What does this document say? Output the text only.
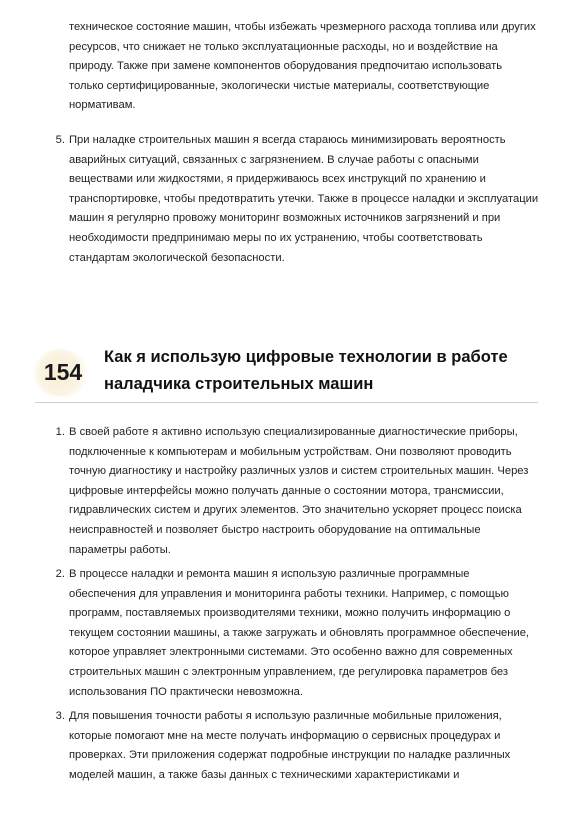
техническое состояние машин, чтобы избежать чрезмерного расхода топлива или других ресурсов, что снижает не только эксплуатационные расходы, но и воздействие на природу. Также при замене компонентов оборудования предпочитаю использовать только сертифицированные, экологически чистые материалы, соответствующие нормативам.

5. При наладке строительных машин я всегда стараюсь минимизировать вероятность аварийных ситуаций, связанных с загрязнением. В случае работы с опасными веществами или жидкостями, я придерживаюсь всех инструкций по хранению и транспортировке, чтобы предотвратить утечки. Также в процессе наладки и эксплуатации машин я регулярно провожу мониторинг возможных источников загрязнений и при необходимости предпринимаю меры по их устранению, чтобы соответствовать стандартам экологической безопасности.

154
Как я использую цифровые технологии в работе наладчика строительных машин
1. В своей работе я активно использую специализированные диагностические приборы, подключенные к компьютерам и мобильным устройствам. Они позволяют проводить точную диагностику и настройку различных узлов и систем строительных машин. Через цифровые интерфейсы можно получать данные о состоянии мотора, трансмиссии, гидравлических систем и других элементов. Это значительно ускоряет процесс поиска неисправностей и позволяет быстро настроить оборудование на оптимальные параметры работы.

2. В процессе наладки и ремонта машин я использую различные программные обеспечения для управления и мониторинга работы техники. Например, с помощью программ, поставляемых производителями техники, можно получить информацию о текущем состоянии машины, а также загружать и обновлять программное обеспечение, которое управляет электронными системами. Это особенно важно для современных строительных машин с электронным управлением, где регулировка параметров без использования ПО практически невозможна.

3. Для повышения точности работы я использую различные мобильные приложения, которые помогают мне на месте получать информацию о сервисных процедурах и проверках. Эти приложения содержат подробные инструкции по наладке различных моделей машин, а также базы данных с техническими характеристиками и
